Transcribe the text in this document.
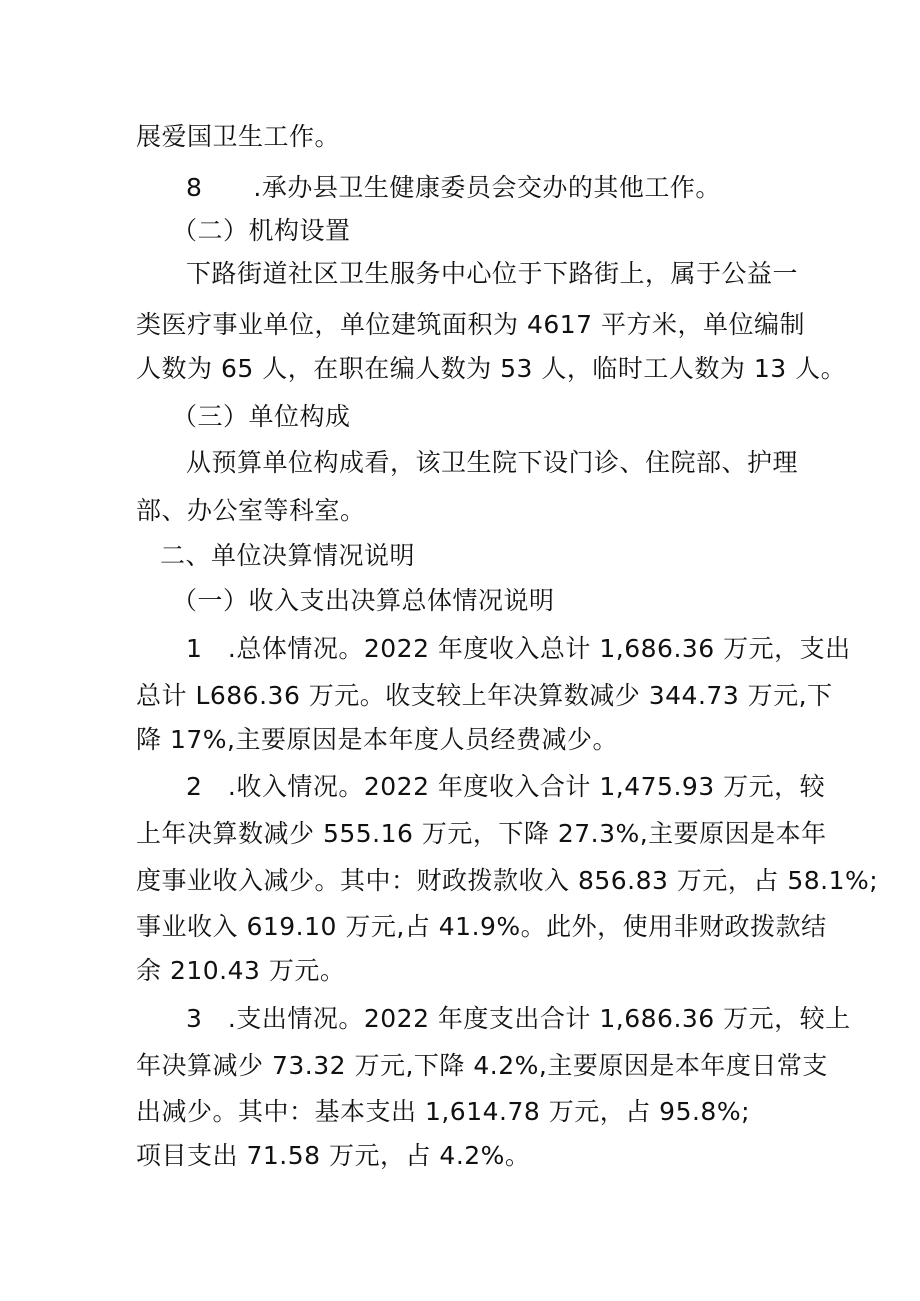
展爱国卫生工作。
8　　.承办县卫生健康委员会交办的其他工作。
（二）机构设置
下路街道社区卫生服务中心位于下路街上，属于公益一
类医疗事业单位，单位建筑面积为 4617 平方米，单位编制
人数为 65 人，在职在编人数为 53 人，临时工人数为 13 人。
（三）单位构成
从预算单位构成看，该卫生院下设门诊、住院部、护理
部、办公室等科室。
二、单位决算情况说明
（一）收入支出决算总体情况说明
1　.总体情况。2022 年度收入总计 1,686.36 万元，支出
总计 L686.36 万元。收支较上年决算数减少 344.73 万元,下
降 17%,主要原因是本年度人员经费减少。
2　.收入情况。2022 年度收入合计 1,475.93 万元，较
上年决算数减少 555.16 万元，下降 27.3%,主要原因是本年
度事业收入减少。其中：财政拨款收入 856.83 万元，占 58.1%;
事业收入 619.10 万元,占 41.9%。此外，使用非财政拨款结
余 210.43 万元。
3　.支出情况。2022 年度支出合计 1,686.36 万元，较上
年决算减少 73.32 万元,下降 4.2%,主要原因是本年度日常支
出减少。其中：基本支出 1,614.78 万元，占 95.8%;
项目支出 71.58 万元，占 4.2%。
